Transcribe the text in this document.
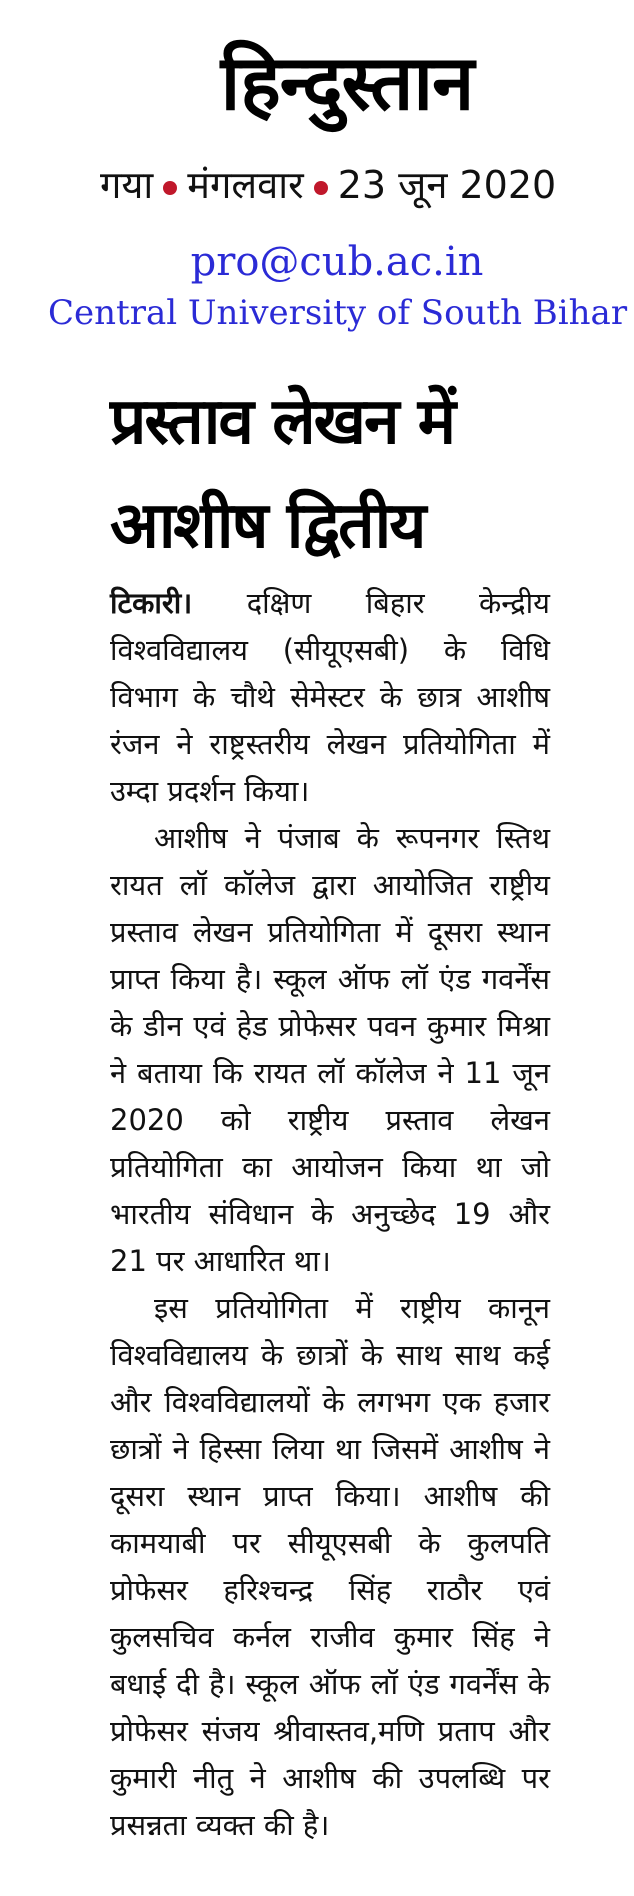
हिन्दुस्तान
गया मंगलवार 23 जून 2020
pro@cub.ac.in
Central University of South Bihar
प्रस्ताव लेखन में आशीष द्वितीय

टिकारी। दक्षिण बिहार केन्द्रीय विश्वविद्यालय (सीयूएसबी) के विधि विभाग के चौथे सेमेस्टर के छात्र आशीष रंजन ने राष्ट्रस्तरीय लेखन प्रतियोगिता में उम्दा प्रदर्शन किया।

आशीष ने पंजाब के रूपनगर स्तिथ रायत लॉ कॉलेज द्वारा आयोजित राष्ट्रीय प्रस्ताव लेखन प्रतियोगिता में दूसरा स्थान प्राप्त किया है। स्कूल ऑफ लॉ एंड गवर्नेंस के डीन एवं हेड प्रोफेसर पवन कुमार मिश्रा ने बताया कि रायत लॉ कॉलेज ने 11 जून 2020 को राष्ट्रीय प्रस्ताव लेखन प्रतियोगिता का आयोजन किया था जो भारतीय संविधान के अनुच्छेद 19 और 21 पर आधारित था।

इस प्रतियोगिता में राष्ट्रीय कानून विश्वविद्यालय के छात्रों के साथ साथ कई और विश्वविद्यालयों के लगभग एक हजार छात्रों ने हिस्सा लिया था जिसमें आशीष ने दूसरा स्थान प्राप्त किया। आशीष की कामयाबी पर सीयूएसबी के कुलपति प्रोफेसर हरिश्चन्द्र सिंह राठौर एवं कुलसचिव कर्नल राजीव कुमार सिंह ने बधाई दी है। स्कूल ऑफ लॉ एंड गवर्नेंस के प्रोफेसर संजय श्रीवास्तव,मणि प्रताप और कुमारी नीतु ने आशीष की उपलब्धि पर प्रसन्नता व्यक्त की है।
